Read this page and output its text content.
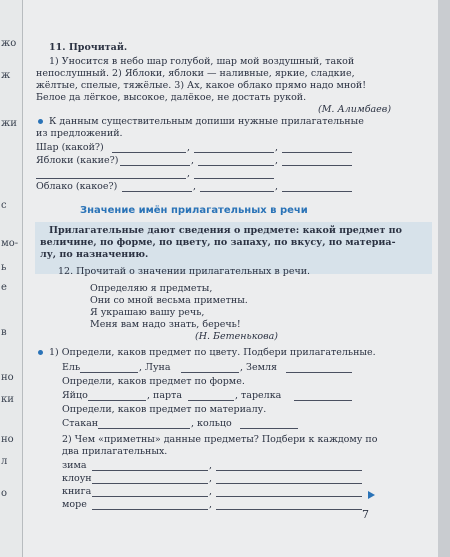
жо
ж
жи
с
мо-
ь
е
в
но
ки
но
л
о
11. Прочитай.
1) Уносится в небо шар голубой, шар мой воздушный, такой
непослушный. 2) Яблоки, яблоки — наливные, яркие, сладкие,
жёлтые, спелые, тяжёлые. 3) Ах, какое облако прямо надо мной!
Белое да лёгкое, высокое, далёкое, не достать рукой.
(М. Алимбаев)
К данным существительным допиши нужные прилагательные
из предложений.
Шар (какой?)	,	,
Яблоки (какие?)	,	,
,
Облако (какое?)	,	,
Значение имён прилагательных в речи
Прилагательные дают сведения о предмете: какой предмет по
величине, по форме, по цвету, по запаху, по вкусу, по материа-
лу, по назначению.
12. Прочитай о значении прилагательных в речи.
Определяю я предметы,
Они со мной весьма приметны.
Я украшаю вашу речь,
Меня вам надо знать, беречь!
(Н. Бетенькова)
1) Определи, каков предмет по цвету. Подбери прилагательные.
Ель	, Луна	, Земля
Определи, каков предмет по форме.
Яйцо	, парта	, тарелка
Определи, каков предмет по материалу.
Стакан	, кольцо
2) Чем «приметны» данные предметы? Подбери к каждому по
два прилагательных.
зима	,
клоун	,
книга	,
море	,
7
